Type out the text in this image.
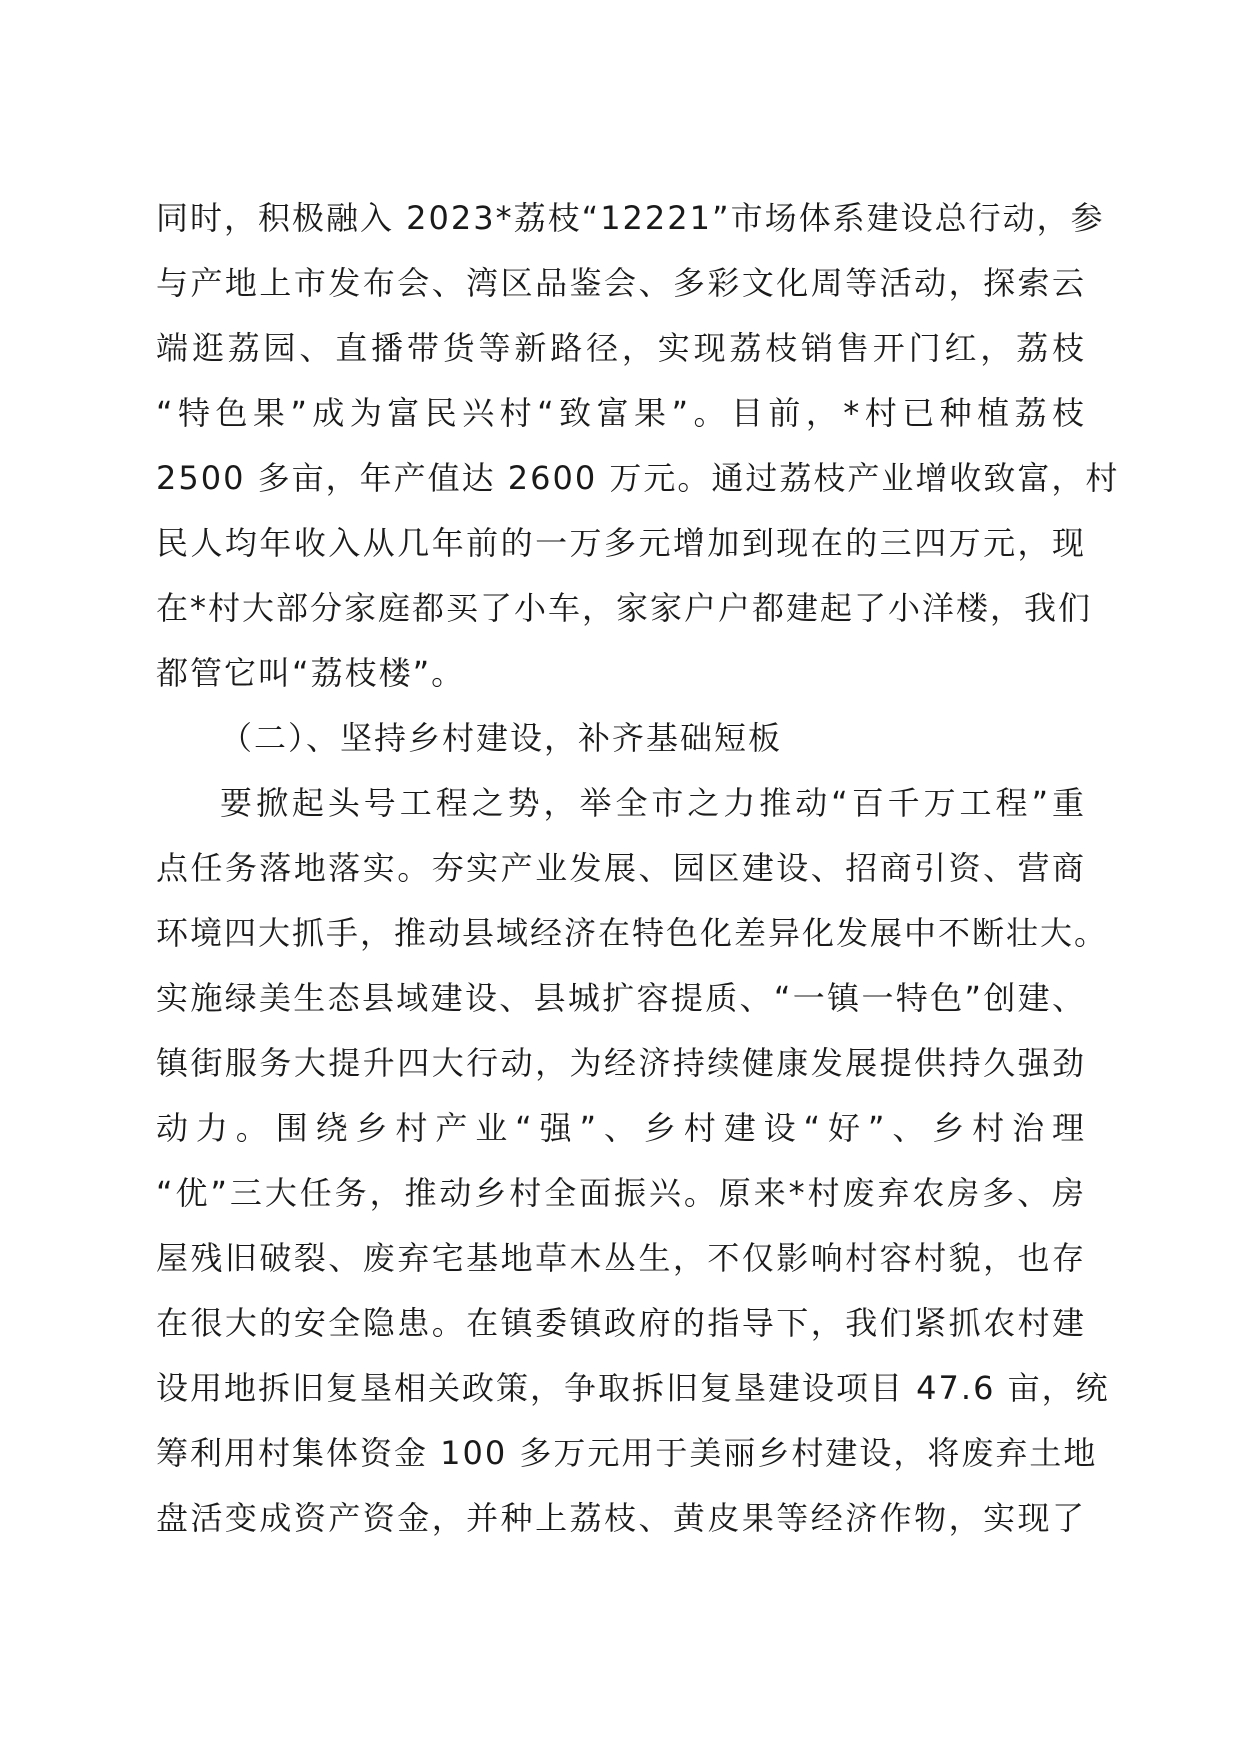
同时，积极融入 2023*荔枝“12221”市场体系建设总行动，参
与产地上市发布会、湾区品鉴会、多彩文化周等活动，探索云
端逛荔园、直播带货等新路径，实现荔枝销售开门红，荔枝
“特色果”成为富民兴村“致富果”。目前，*村已种植荔枝
2500 多亩，年产值达 2600 万元。通过荔枝产业增收致富，村
民人均年收入从几年前的一万多元增加到现在的三四万元，现
在*村大部分家庭都买了小车，家家户户都建起了小洋楼，我们
都管它叫“荔枝楼”。
（二）、坚持乡村建设，补齐基础短板
要掀起头号工程之势，举全市之力推动“百千万工程”重
点任务落地落实。夯实产业发展、园区建设、招商引资、营商
环境四大抓手，推动县域经济在特色化差异化发展中不断壮大。
实施绿美生态县域建设、县城扩容提质、“一镇一特色”创建、
镇街服务大提升四大行动，为经济持续健康发展提供持久强劲
动力。围绕乡村产业“强”、乡村建设“好”、乡村治理
“优”三大任务，推动乡村全面振兴。原来*村废弃农房多、房
屋残旧破裂、废弃宅基地草木丛生，不仅影响村容村貌，也存
在很大的安全隐患。在镇委镇政府的指导下，我们紧抓农村建
设用地拆旧复垦相关政策，争取拆旧复垦建设项目 47.6 亩，统
筹利用村集体资金 100 多万元用于美丽乡村建设，将废弃土地
盘活变成资产资金，并种上荔枝、黄皮果等经济作物，实现了
